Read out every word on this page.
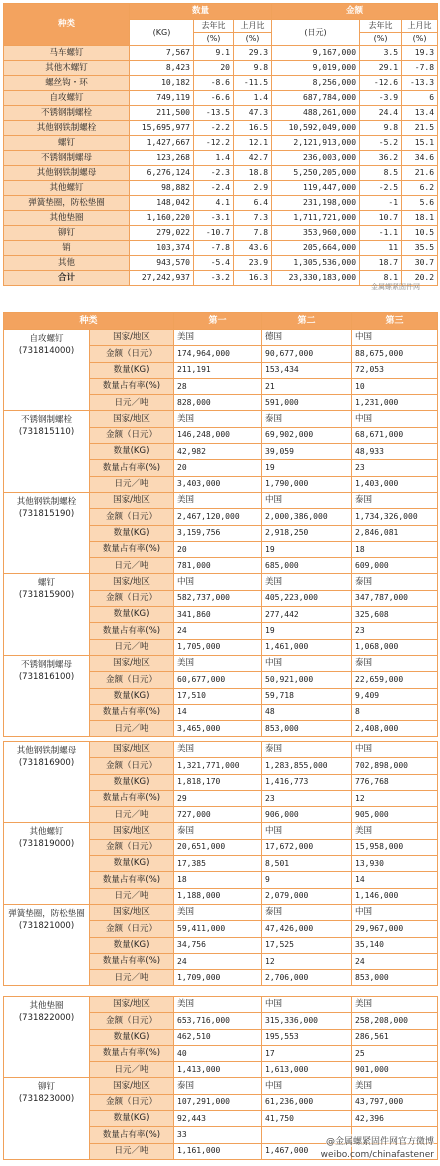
种类	数量			金额		
	(KG)	去年比	上月比	(日元)	去年比	上月比
		(%)	(%)		(%)	(%)
马车螺钉	7,567	9.1	29.3	9,167,000	3.5	19.3
其他木螺钉	8,423	20	9.8	9,019,000	29.1	-7.8
螺丝钩・环	10,182	-8.6	-11.5	8,256,000	-12.6	-13.3
自攻螺钉	749,119	-6.6	1.4	687,784,000	-3.9	6
不锈钢制螺栓	211,500	-13.5	47.3	488,261,000	24.4	13.4
其他钢铁制螺栓	15,695,977	-2.2	16.5	10,592,049,000	9.8	21.5
螺钉	1,427,667	-12.2	12.1	2,121,913,000	-5.2	15.1
不锈钢制螺母	123,268	1.4	42.7	236,003,000	36.2	34.6
其他钢铁制螺母	6,276,124	-2.3	18.8	5,250,205,000	8.5	21.6
其他螺钉	98,882	-2.4	2.9	119,447,000	-2.5	6.2
弹簧垫圈，防松垫圈	148,042	4.1	6.4	231,198,000	-1	5.6
其他垫圈	1,160,220	-3.1	7.3	1,711,721,000	10.7	18.1
铆钉	279,022	-10.7	7.8	353,960,000	-1.1	10.5
销	103,374	-7.8	43.6	205,664,000	11	35.5
其他	943,570	-5.4	23.9	1,305,536,000	18.7	30.7
合计	27,242,937	-3.2	16.3	23,330,183,000	8.1	20.2
金属螺紧固件网
种类		第一	第二	第三

自攻螺钉
(731814000)	国家/地区	美国	德国	中国
	金额（日元）	174,964,000	90,677,000	88,675,000
	数量(KG)	211,191	153,434	72,053
	数量占有率(%)	28	21	10
	日元／吨	828,000	591,000	1,231,000

不锈钢制螺栓
(731815110)	国家/地区	美国	泰国	中国
	金额（日元）	146,248,000	69,902,000	68,671,000
	数量(KG)	42,982	39,059	48,933
	数量占有率(%)	20	19	23
	日元／吨	3,403,000	1,790,000	1,403,000

其他钢铁制螺栓
(731815190)	国家/地区	美国	中国	泰国
	金额（日元）	2,467,120,000	2,000,386,000	1,734,326,000
	数量(KG)	3,159,756	2,918,250	2,846,081
	数量占有率(%)	20	19	18
	日元／吨	781,000	685,000	609,000

螺钉
(731815900)	国家/地区	中国	美国	泰国
	金额（日元）	582,737,000	405,223,000	347,787,000
	数量(KG)	341,860	277,442	325,608
	数量占有率(%)	24	19	23
	日元／吨	1,705,000	1,461,000	1,068,000

不锈钢制螺母
(731816100)	国家/地区	美国	中国	泰国
	金额（日元）	60,677,000	50,921,000	22,659,000
	数量(KG)	17,510	59,718	9,409
	数量占有率(%)	14	48	8
	日元／吨	3,465,000	853,000	2,408,000
其他钢铁制螺母
(731816900)	国家/地区	美国	泰国	中国
	金额（日元）	1,321,771,000	1,283,855,000	702,898,000
	数量(KG)	1,818,170	1,416,773	776,768
	数量占有率(%)	29	23	12
	日元／吨	727,000	906,000	905,000

其他螺钉
(731819000)	国家/地区	泰国	中国	美国
	金额（日元）	20,651,000	17,672,000	15,958,000
	数量(KG)	17,385	8,501	13,930
	数量占有率(%)	18	9	14
	日元／吨	1,188,000	2,079,000	1,146,000

弹簧垫圈，防松垫圈
(731821000)	国家/地区	美国	泰国	中国
	金额（日元）	59,411,000	47,426,000	29,967,000
	数量(KG)	34,756	17,525	35,140
	数量占有率(%)	24	12	24
	日元／吨	1,709,000	2,706,000	853,000
其他垫圈
(731822000)	国家/地区	美国	中国	美国
	金额（日元）	653,716,000	315,336,000	258,208,000
	数量(KG)	462,510	195,553	286,561
	数量占有率(%)	40	17	25
	日元／吨	1,413,000	1,613,000	901,000

铆钉
(731823000)	国家/地区	泰国	中国	美国
	金额（日元）	107,291,000	61,236,000	43,797,000
	数量(KG)	92,443	41,750	42,396
	数量占有率(%)	33		
	日元／吨	1,161,000	1,467,000	
@金属螺紧固件网官方微博
weibo.com/chinafastener
